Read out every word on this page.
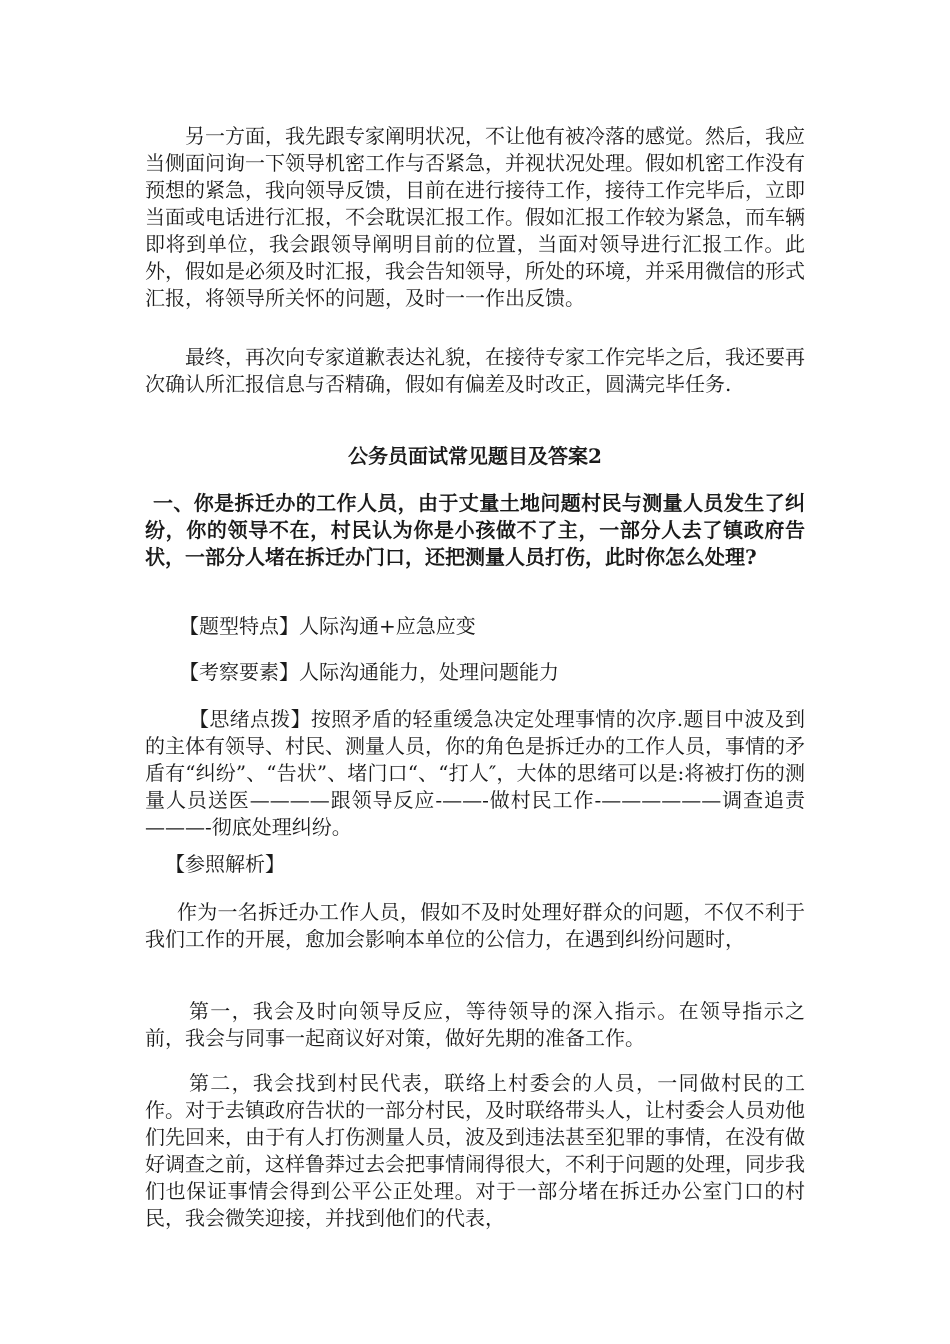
另一方面，我先跟专家阐明状况，不让他有被冷落的感觉。然后，我应当侧面问询一下领导机密工作与否紧急，并视状况处理。假如机密工作没有预想的紧急，我向领导反馈，目前在进行接待工作，接待工作完毕后，立即当面或电话进行汇报，不会耽误汇报工作。假如汇报工作较为紧急，而车辆即将到单位，我会跟领导阐明目前的位置，当面对领导进行汇报工作。此外，假如是必须及时汇报，我会告知领导，所处的环境，并采用微信的形式汇报，将领导所关怀的问题，及时一一作出反馈。

最终，再次向专家道歉表达礼貌，在接待专家工作完毕之后，我还要再次确认所汇报信息与否精确，假如有偏差及时改正，圆满完毕任务.

公务员面试常见题目及答案2

一、你是拆迁办的工作人员，由于丈量土地问题村民与测量人员发生了纠纷，你的领导不在，村民认为你是小孩做不了主，一部分人去了镇政府告状，一部分人堵在拆迁办门口，还把测量人员打伤，此时你怎么处理?

【题型特点】人际沟通+应急应变

【考察要素】人际沟通能力，处理问题能力

【思绪点拨】按照矛盾的轻重缓急决定处理事情的次序.题目中波及到的主体有领导、村民、测量人员，你的角色是拆迁办的工作人员，事情的矛盾有“纠纷”、“告状”、堵门口“、“打人″，大体的思绪可以是:将被打伤的测量人员送医————跟领导反应-——-做村民工作-——————调查追责———-彻底处理纠纷。

【参照解析】

作为一名拆迁办工作人员，假如不及时处理好群众的问题，不仅不利于我们工作的开展，愈加会影响本单位的公信力，在遇到纠纷问题时，

第一，我会及时向领导反应，等待领导的深入指示。在领导指示之前，我会与同事一起商议好对策，做好先期的准备工作。

第二，我会找到村民代表，联络上村委会的人员，一同做村民的工作。对于去镇政府告状的一部分村民，及时联络带头人，让村委会人员劝他们先回来，由于有人打伤测量人员，波及到违法甚至犯罪的事情，在没有做好调查之前，这样鲁莽过去会把事情闹得很大，不利于问题的处理，同步我们也保证事情会得到公平公正处理。对于一部分堵在拆迁办公室门口的村民，我会微笑迎接，并找到他们的代表，
